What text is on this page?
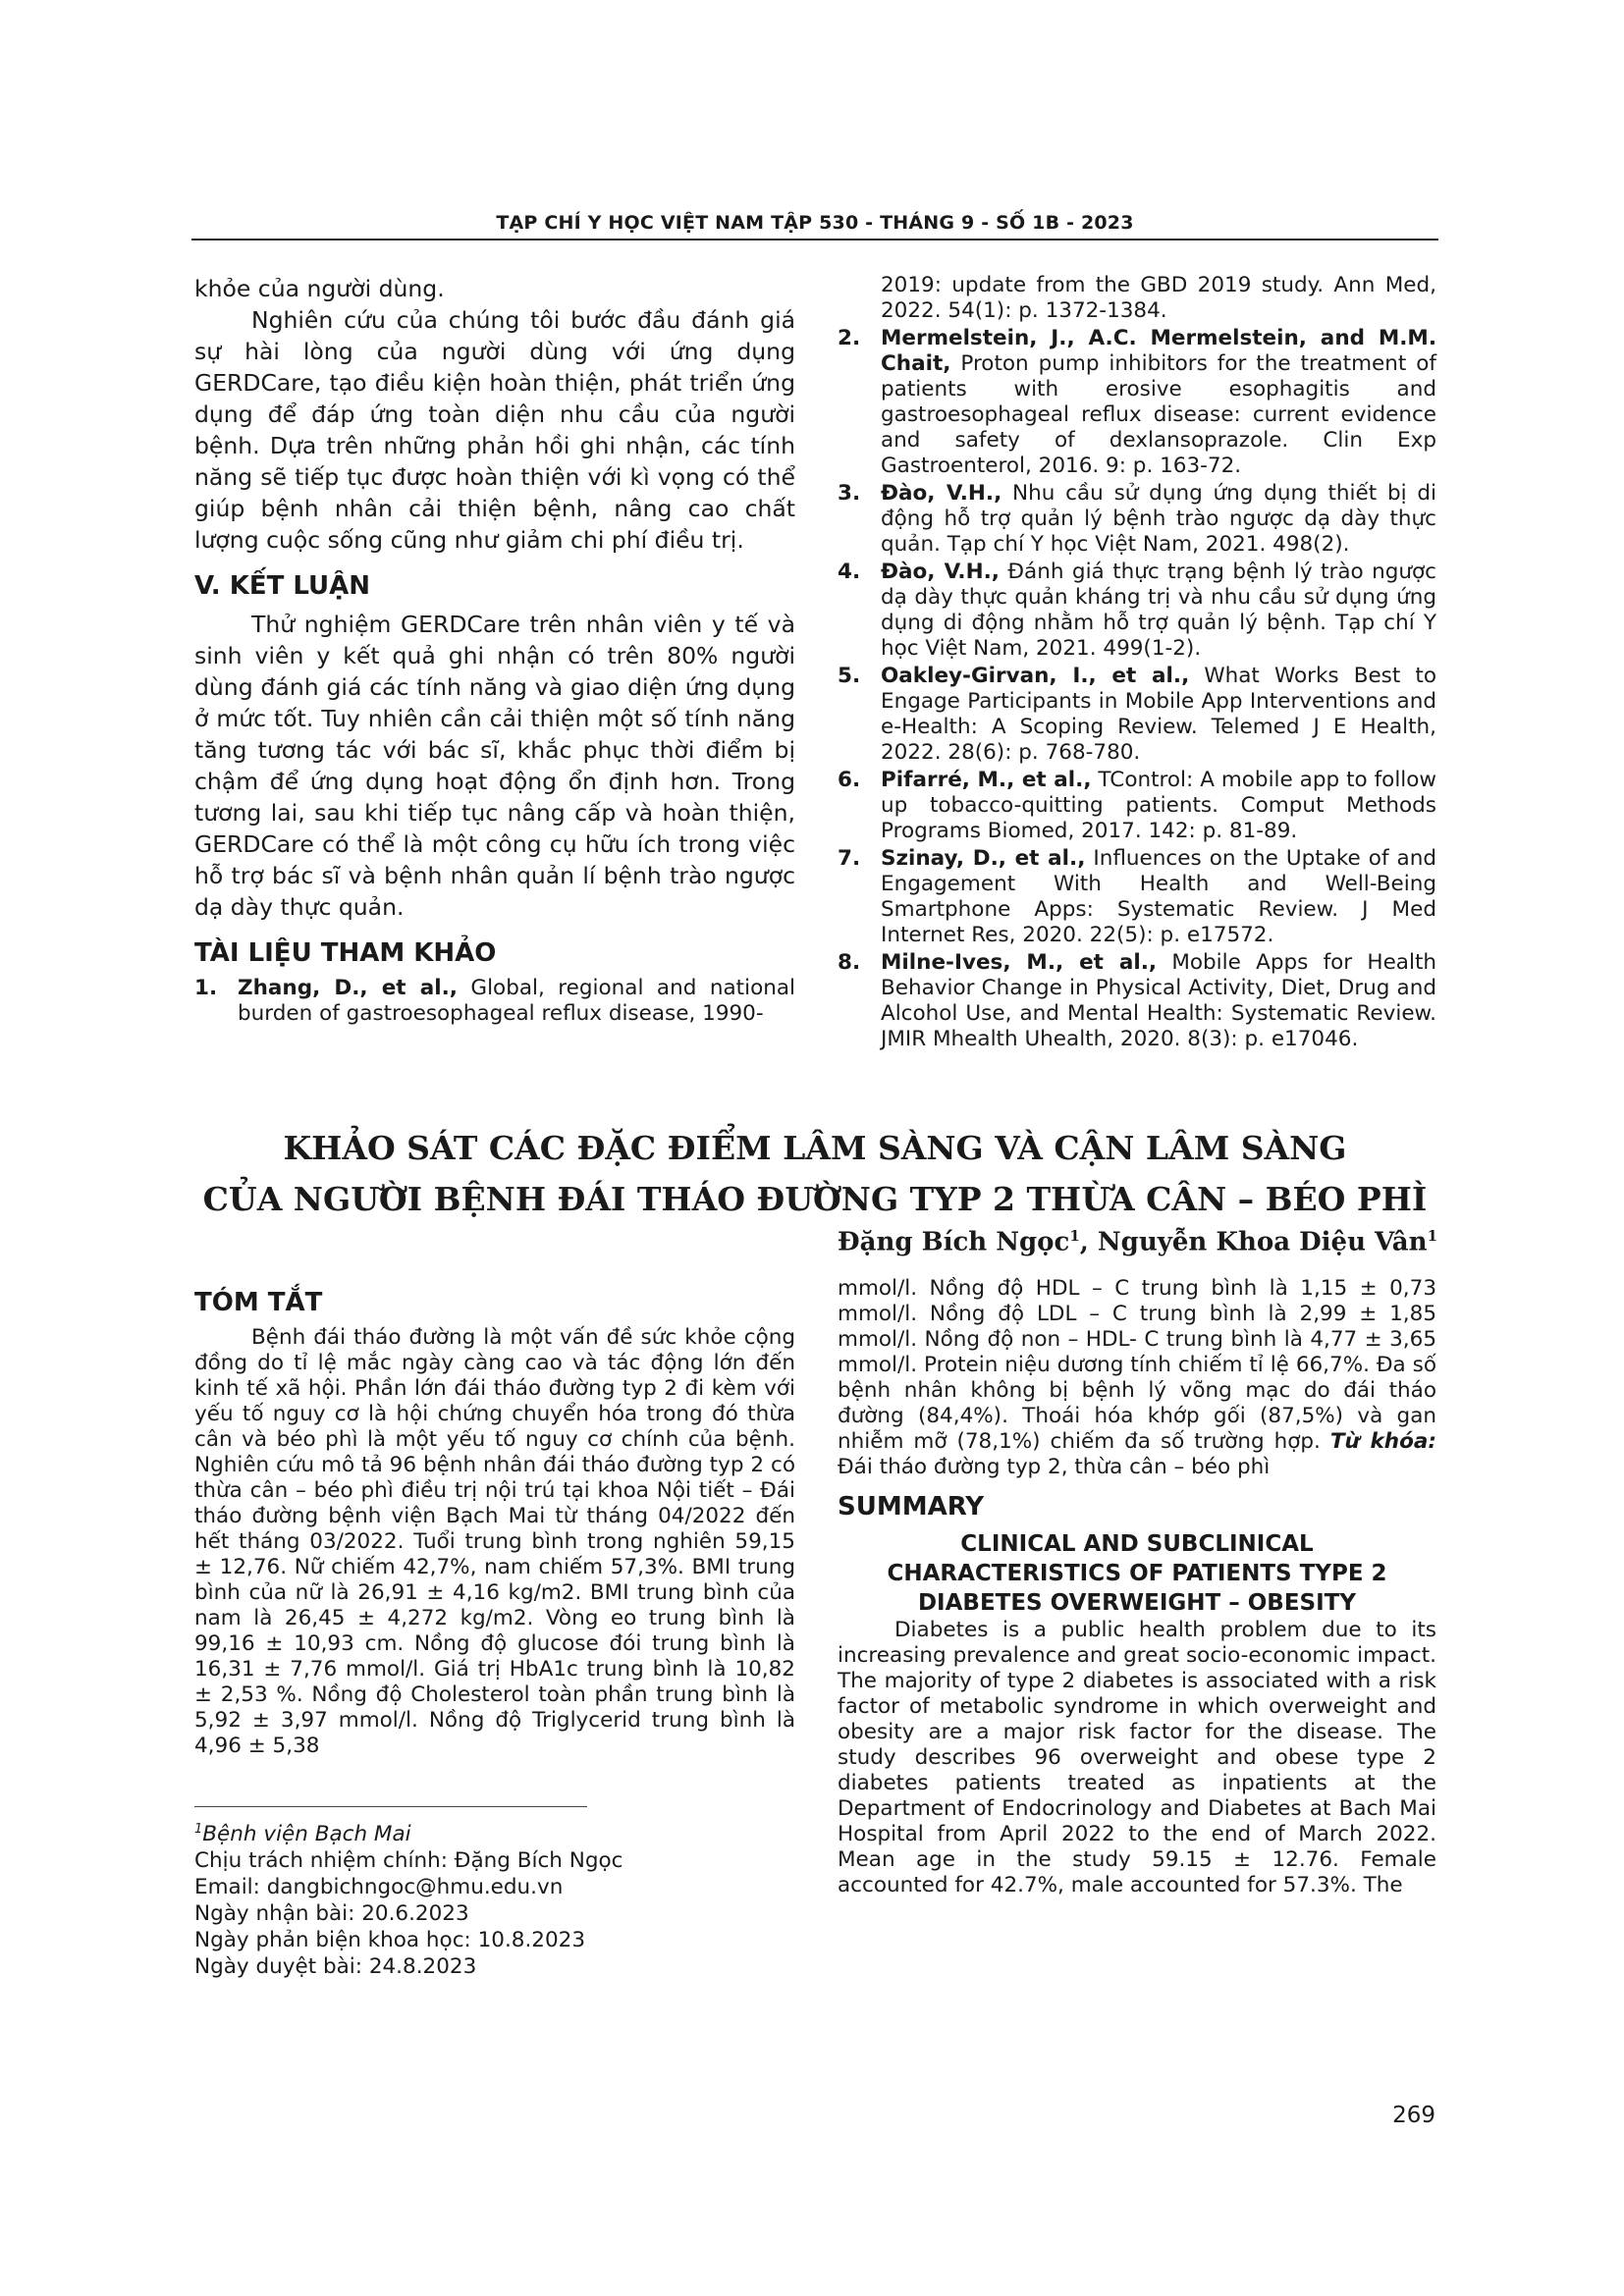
TẠP CHÍ Y HỌC VIỆT NAM TẬP 530 - THÁNG 9 - SỐ 1B - 2023

khỏe của người dùng.

Nghiên cứu của chúng tôi bước đầu đánh giá sự hài lòng của người dùng với ứng dụng GERDCare, tạo điều kiện hoàn thiện, phát triển ứng dụng để đáp ứng toàn diện nhu cầu của người bệnh. Dựa trên những phản hồi ghi nhận, các tính năng sẽ tiếp tục được hoàn thiện với kì vọng có thể giúp bệnh nhân cải thiện bệnh, nâng cao chất lượng cuộc sống cũng như giảm chi phí điều trị.

V. KẾT LUẬN

Thử nghiệm GERDCare trên nhân viên y tế và sinh viên y kết quả ghi nhận có trên 80% người dùng đánh giá các tính năng và giao diện ứng dụng ở mức tốt. Tuy nhiên cần cải thiện một số tính năng tăng tương tác với bác sĩ, khắc phục thời điểm bị chậm để ứng dụng hoạt động ổn định hơn. Trong tương lai, sau khi tiếp tục nâng cấp và hoàn thiện, GERDCare có thể là một công cụ hữu ích trong việc hỗ trợ bác sĩ và bệnh nhân quản lí bệnh trào ngược dạ dày thực quản.

TÀI LIỆU THAM KHẢO
1. Zhang, D., et al., Global, regional and national burden of gastroesophageal reflux disease, 1990-

2019: update from the GBD 2019 study. Ann Med, 2022. 54(1): p. 1372-1384.

2. Mermelstein, J., A.C. Mermelstein, and M.M. Chait, Proton pump inhibitors for the treatment of patients with erosive esophagitis and gastroesophageal reflux disease: current evidence and safety of dexlansoprazole. Clin Exp Gastroenterol, 2016. 9: p. 163-72.
3. Đào, V.H., Nhu cầu sử dụng ứng dụng thiết bị di động hỗ trợ quản lý bệnh trào ngược dạ dày thực quản. Tạp chí Y học Việt Nam, 2021. 498(2).
4. Đào, V.H., Đánh giá thực trạng bệnh lý trào ngược dạ dày thực quản kháng trị và nhu cầu sử dụng ứng dụng di động nhằm hỗ trợ quản lý bệnh. Tạp chí Y học Việt Nam, 2021. 499(1-2).
5. Oakley-Girvan, I., et al., What Works Best to Engage Participants in Mobile App Interventions and e-Health: A Scoping Review. Telemed J E Health, 2022. 28(6): p. 768-780.
6. Pifarré, M., et al., TControl: A mobile app to follow up tobacco-quitting patients. Comput Methods Programs Biomed, 2017. 142: p. 81-89.
7. Szinay, D., et al., Influences on the Uptake of and Engagement With Health and Well-Being Smartphone Apps: Systematic Review. J Med Internet Res, 2020. 22(5): p. e17572.
8. Milne-Ives, M., et al., Mobile Apps for Health Behavior Change in Physical Activity, Diet, Drug and Alcohol Use, and Mental Health: Systematic Review. JMIR Mhealth Uhealth, 2020. 8(3): p. e17046.
KHẢO SÁT CÁC ĐẶC ĐIỂM LÂM SÀNG VÀ CẬN LÂM SÀNG
CỦA NGƯỜI BỆNH ĐÁI THÁO ĐƯỜNG TYP 2 THỪA CÂN – BÉO PHÌ
Đặng Bích Ngọc$^1$, Nguyễn Khoa Diệu Vân$^1$
TÓM TẮT

Bệnh đái tháo đường là một vấn đề sức khỏe cộng đồng do tỉ lệ mắc ngày càng cao và tác động lớn đến kinh tế xã hội. Phần lớn đái tháo đường typ 2 đi kèm với yếu tố nguy cơ là hội chứng chuyển hóa trong đó thừa cân và béo phì là một yếu tố nguy cơ chính của bệnh. Nghiên cứu mô tả 96 bệnh nhân đái tháo đường typ 2 có thừa cân – béo phì điều trị nội trú tại khoa Nội tiết – Đái tháo đường bệnh viện Bạch Mai từ tháng 04/2022 đến hết tháng 03/2022. Tuổi trung bình trong nghiên 59,15 ± 12,76. Nữ chiếm 42,7%, nam chiếm 57,3%. BMI trung bình của nữ là 26,91 ± 4,16 kg/m2. BMI trung bình của nam là 26,45 ± 4,272 kg/m2. Vòng eo trung bình là 99,16 ± 10,93 cm. Nồng độ glucose đói trung bình là 16,31 ± 7,76 mmol/l. Giá trị HbA1c trung bình là 10,82 ± 2,53 %. Nồng độ Cholesterol toàn phần trung bình là 5,92 ± 3,97 mmol/l. Nồng độ Triglycerid trung bình là 4,96 ± 5,38

mmol/l. Nồng độ HDL – C trung bình là 1,15 ± 0,73 mmol/l. Nồng độ LDL – C trung bình là 2,99 ± 1,85 mmol/l. Nồng độ non – HDL- C trung bình là 4,77 ± 3,65 mmol/l. Protein niệu dương tính chiếm tỉ lệ 66,7%. Đa số bệnh nhân không bị bệnh lý võng mạc do đái tháo đường (84,4%). Thoái hóa khớp gối (87,5%) và gan nhiễm mỡ (78,1%) chiếm đa số trường hợp. Từ khóa: Đái tháo đường typ 2, thừa cân – béo phì

SUMMARY
CLINICAL AND SUBCLINICAL
CHARACTERISTICS OF PATIENTS TYPE 2
DIABETES OVERWEIGHT – OBESITY

Diabetes is a public health problem due to its increasing prevalence and great socio-economic impact. The majority of type 2 diabetes is associated with a risk factor of metabolic syndrome in which overweight and obesity are a major risk factor for the disease. The study describes 96 overweight and obese type 2 diabetes patients treated as inpatients at the Department of Endocrinology and Diabetes at Bach Mai Hospital from April 2022 to the end of March 2022. Mean age in the study 59.15 ± 12.76. Female accounted for 42.7%, male accounted for 57.3%. The

$^1$Bệnh viện Bạch Mai

Chịu trách nhiệm chính: Đặng Bích Ngọc

Email: dangbichngoc@hmu.edu.vn

Ngày nhận bài: 20.6.2023

Ngày phản biện khoa học: 10.8.2023

Ngày duyệt bài: 24.8.2023

269
